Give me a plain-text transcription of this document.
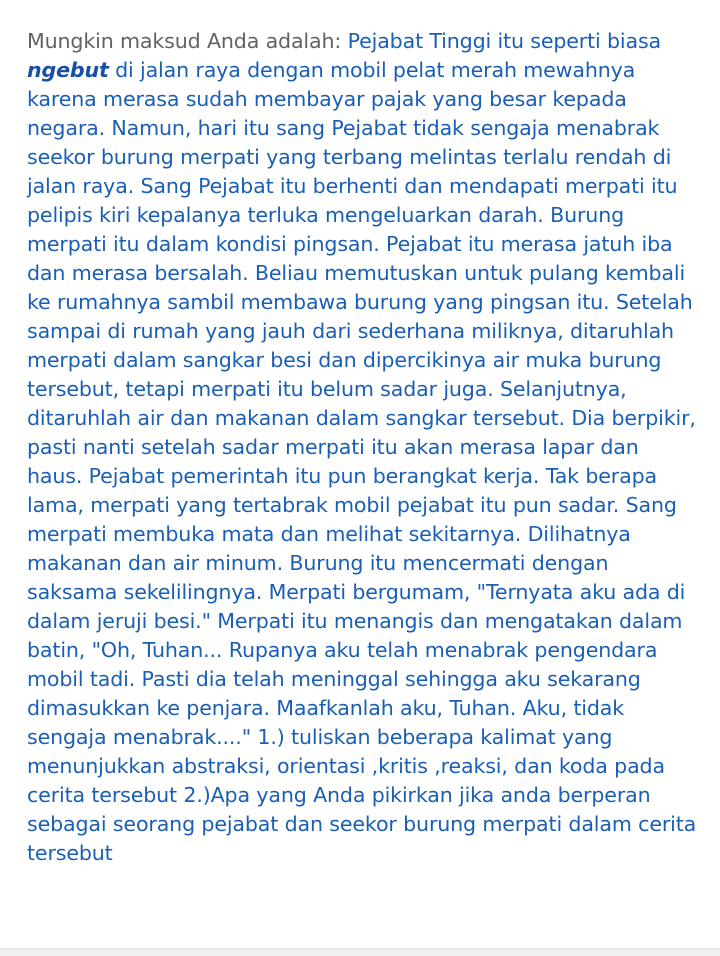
Mungkin maksud Anda adalah: Pejabat Tinggi itu seperti biasa ngebut di jalan raya dengan mobil pelat merah mewahnya karena merasa sudah membayar pajak yang besar kepada negara. Namun, hari itu sang Pejabat tidak sengaja menabrak seekor burung merpati yang terbang melintas terlalu rendah di jalan raya. Sang Pejabat itu berhenti dan mendapati merpati itu pelipis kiri kepalanya terluka mengeluarkan darah. Burung merpati itu dalam kondisi pingsan. Pejabat itu merasa jatuh iba dan merasa bersalah. Beliau memutuskan untuk pulang kembali ke rumahnya sambil membawa burung yang pingsan itu. Setelah sampai di rumah yang jauh dari sederhana miliknya, ditaruhlah merpati dalam sangkar besi dan dipercikinya air muka burung tersebut, tetapi merpati itu belum sadar juga. Selanjutnya, ditaruhlah air dan makanan dalam sangkar tersebut. Dia berpikir, pasti nanti setelah sadar merpati itu akan merasa lapar dan haus. Pejabat pemerintah itu pun berangkat kerja. Tak berapa lama, merpati yang tertabrak mobil pejabat itu pun sadar. Sang merpati membuka mata dan melihat sekitarnya. Dilihatnya makanan dan air minum. Burung itu mencermati dengan saksama sekelilingnya. Merpati bergumam, "Ternyata aku ada di dalam jeruji besi." Merpati itu menangis dan mengatakan dalam batin, "Oh, Tuhan... Rupanya aku telah menabrak pengendara mobil tadi. Pasti dia telah meninggal sehingga aku sekarang dimasukkan ke penjara. Maafkanlah aku, Tuhan. Aku, tidak sengaja menabrak...." 1.) tuliskan beberapa kalimat yang menunjukkan abstraksi, orientasi ,kritis ,reaksi, dan koda pada cerita tersebut 2.)Apa yang Anda pikirkan jika anda berperan sebagai seorang pejabat dan seekor burung merpati dalam cerita tersebut
